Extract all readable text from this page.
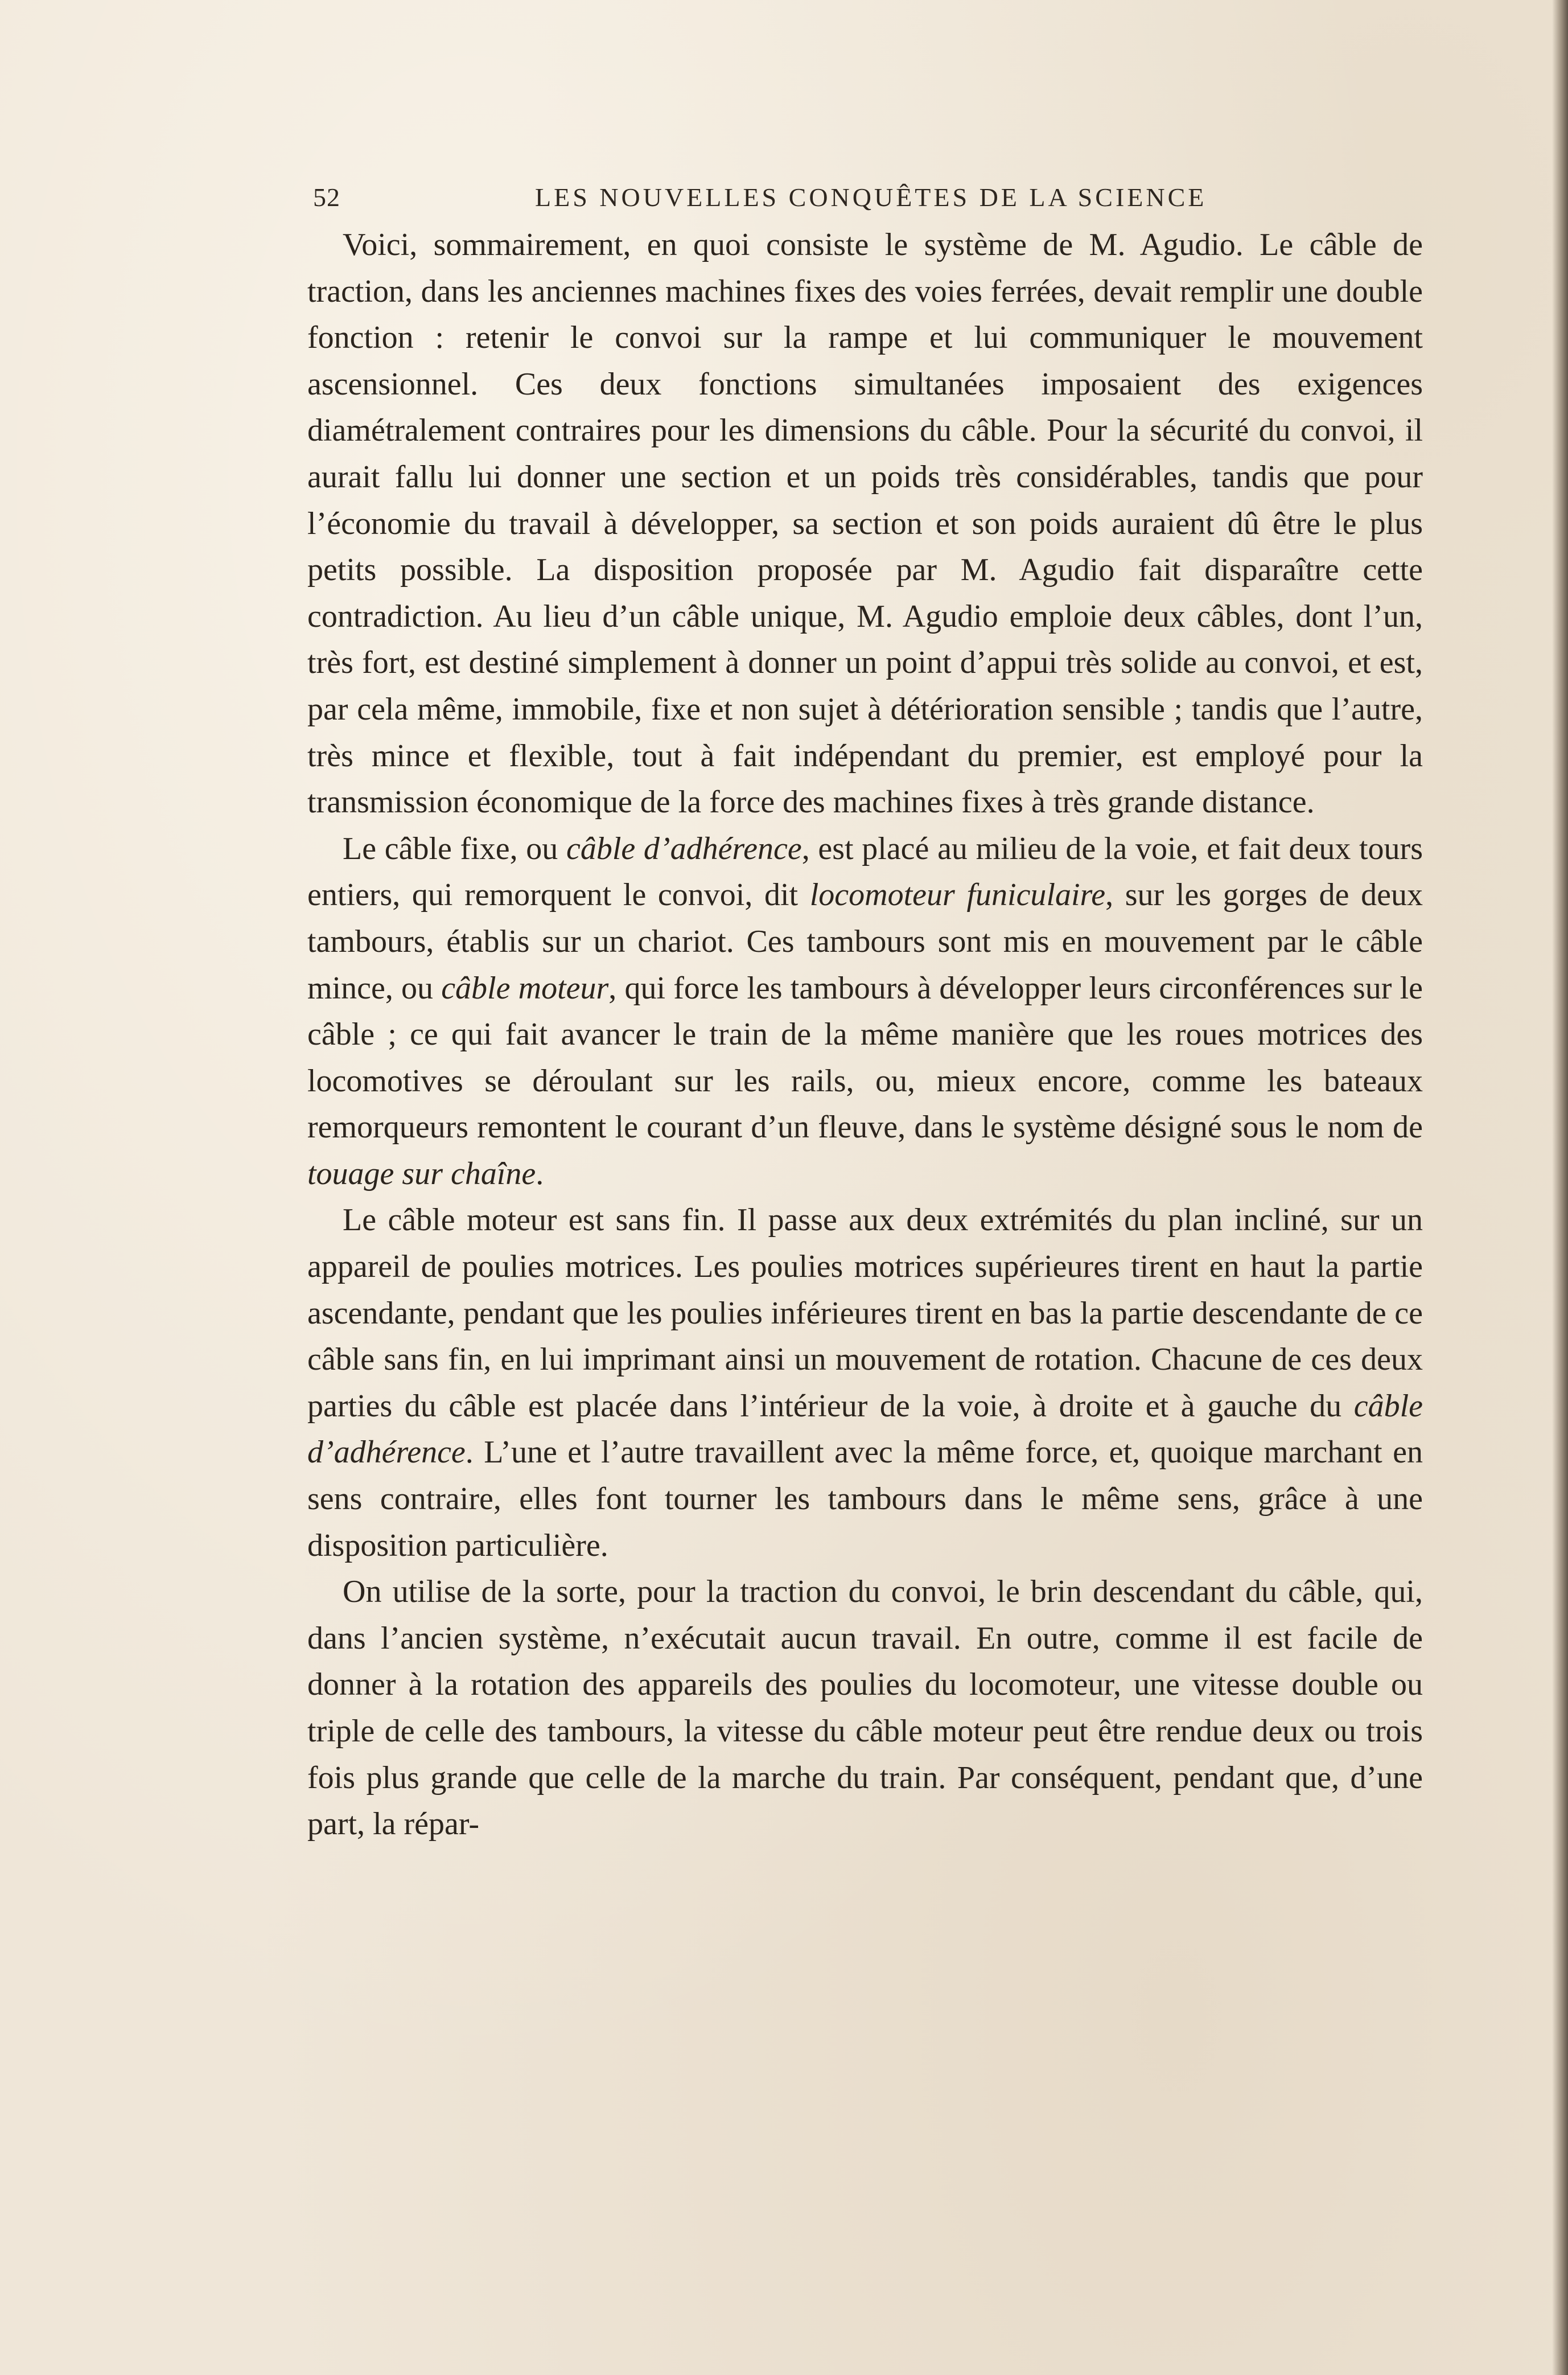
52	LES NOUVELLES CONQUÊTES DE LA SCIENCE

Voici, sommairement, en quoi consiste le système de M. Agudio. Le câble de traction, dans les anciennes machines fixes des voies ferrées, devait remplir une double fonction : retenir le convoi sur la rampe et lui communiquer le mouvement ascensionnel. Ces deux fonctions simultanées imposaient des exigences diamétralement contraires pour les dimensions du câble. Pour la sécurité du convoi, il aurait fallu lui donner une section et un poids très considérables, tandis que pour l’économie du travail à développer, sa section et son poids auraient dû être le plus petits possible. La disposition proposée par M. Agudio fait disparaître cette contradiction. Au lieu d’un câble unique, M. Agudio emploie deux câbles, dont l’un, très fort, est destiné simplement à donner un point d’appui très solide au convoi, et est, par cela même, immobile, fixe et non sujet à détérioration sensible ; tandis que l’autre, très mince et flexible, tout à fait indépendant du premier, est employé pour la transmission économique de la force des machines fixes à très grande distance.

Le câble fixe, ou câble d’adhérence, est placé au milieu de la voie, et fait deux tours entiers, qui remorquent le convoi, dit locomoteur funiculaire, sur les gorges de deux tambours, établis sur un chariot. Ces tambours sont mis en mouvement par le câble mince, ou câble moteur, qui force les tambours à développer leurs circonférences sur le câble ; ce qui fait avancer le train de la même manière que les roues motrices des locomotives se déroulant sur les rails, ou, mieux encore, comme les bateaux remorqueurs remontent le courant d’un fleuve, dans le système désigné sous le nom de touage sur chaîne.

Le câble moteur est sans fin. Il passe aux deux extrémités du plan incliné, sur un appareil de poulies motrices. Les poulies motrices supérieures tirent en haut la partie ascendante, pendant que les poulies inférieures tirent en bas la partie descendante de ce câble sans fin, en lui imprimant ainsi un mouvement de rotation. Chacune de ces deux parties du câble est placée dans l’intérieur de la voie, à droite et à gauche du câble d’adhérence. L’une et l’autre travaillent avec la même force, et, quoique marchant en sens contraire, elles font tourner les tambours dans le même sens, grâce à une disposition particulière.

On utilise de la sorte, pour la traction du convoi, le brin descendant du câble, qui, dans l’ancien système, n’exécutait aucun travail. En outre, comme il est facile de donner à la rotation des appareils des poulies du locomoteur, une vitesse double ou triple de celle des tambours, la vitesse du câble moteur peut être rendue deux ou trois fois plus grande que celle de la marche du train. Par conséquent, pendant que, d’une part, la répar-
